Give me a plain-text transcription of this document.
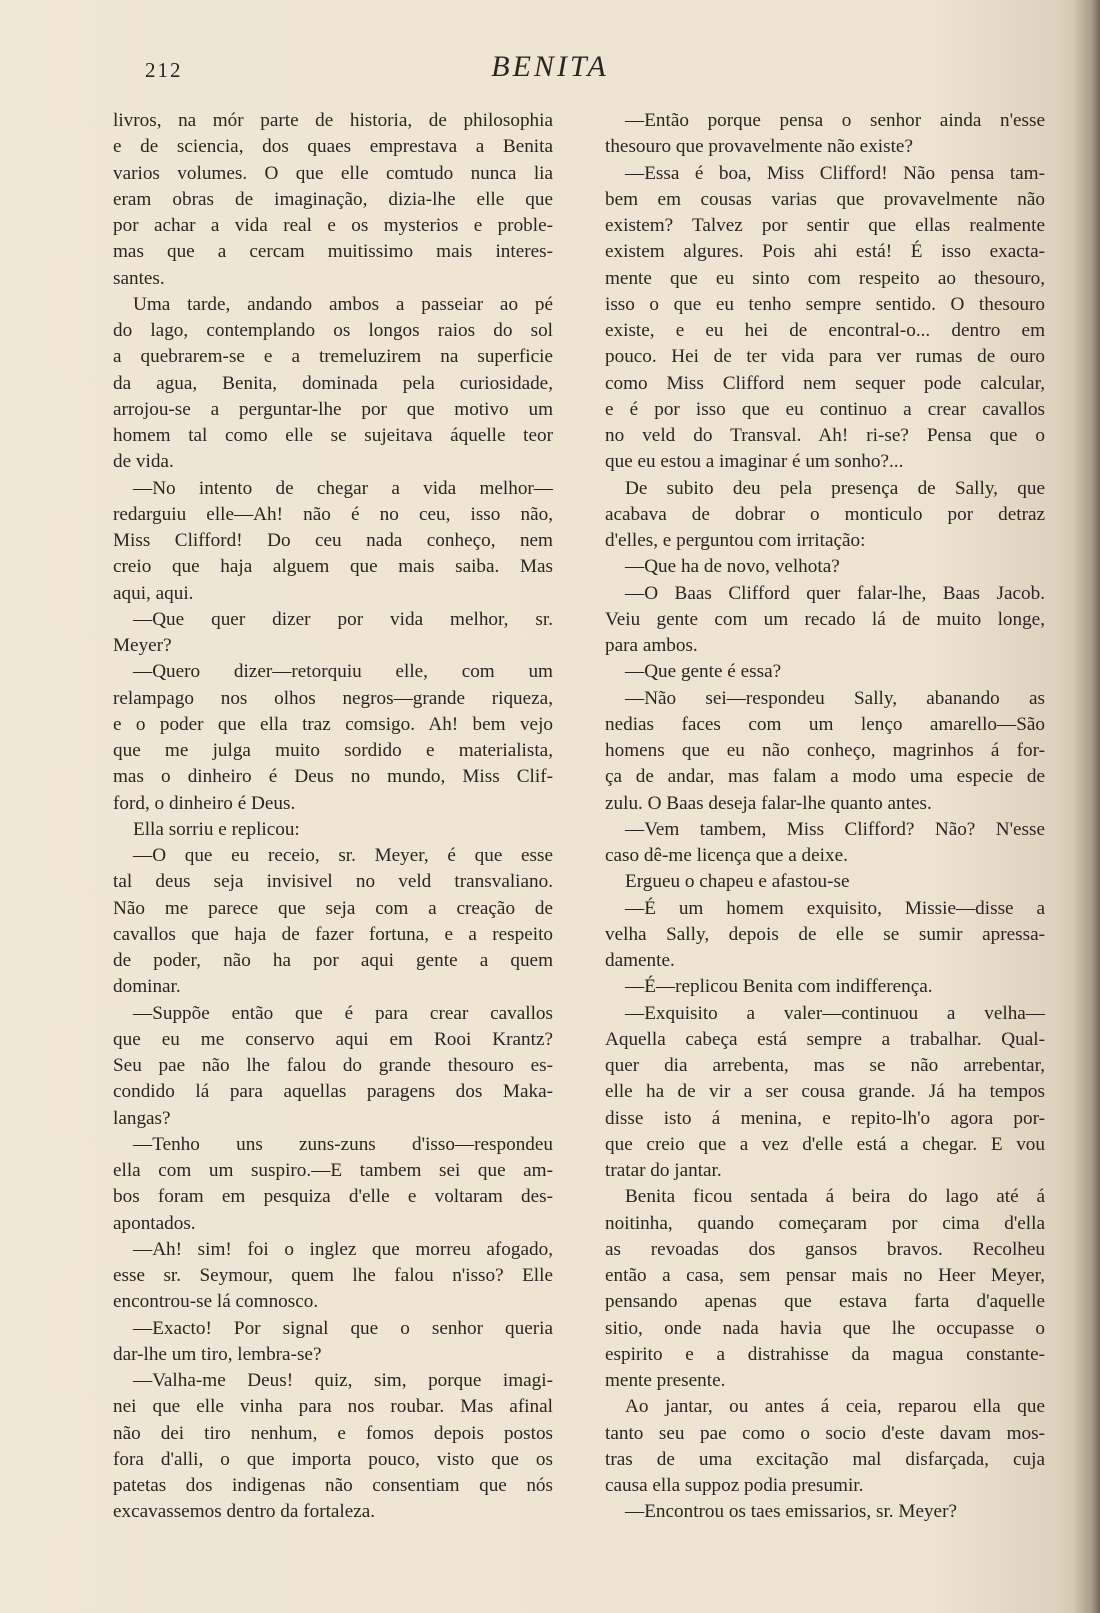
212	BENITA
livros, na mór parte de historia, de philosophia
e de sciencia, dos quaes emprestava a Benita
varios volumes. O que elle comtudo nunca lia
eram obras de imaginação, dizia-lhe elle que
por achar a vida real e os mysterios e proble-
mas que a cercam muitissimo mais interes-
santes.
Uma tarde, andando ambos a passeiar ao pé
do lago, contemplando os longos raios do sol
a quebrarem-se e a tremeluzirem na superficie
da agua, Benita, dominada pela curiosidade,
arrojou-se a perguntar-lhe por que motivo um
homem tal como elle se sujeitava áquelle teor
de vida.
—No intento de chegar a vida melhor—
redarguiu elle—Ah! não é no ceu, isso não,
Miss Clifford! Do ceu nada conheço, nem
creio que haja alguem que mais saiba. Mas
aqui, aqui.
—Que quer dizer por vida melhor, sr.
Meyer?
—Quero dizer—retorquiu elle, com um
relampago nos olhos negros—grande riqueza,
e o poder que ella traz comsigo. Ah! bem vejo
que me julga muito sordido e materialista,
mas o dinheiro é Deus no mundo, Miss Clif-
ford, o dinheiro é Deus.
Ella sorriu e replicou:
—O que eu receio, sr. Meyer, é que esse
tal deus seja invisivel no veld transvaliano.
Não me parece que seja com a creação de
cavallos que haja de fazer fortuna, e a respeito
de poder, não ha por aqui gente a quem
dominar.
—Suppõe então que é para crear cavallos
que eu me conservo aqui em Rooi Krantz?
Seu pae não lhe falou do grande thesouro es-
condido lá para aquellas paragens dos Maka-
langas?
—Tenho uns zuns-zuns d'isso—respondeu
ella com um suspiro.—E tambem sei que am-
bos foram em pesquiza d'elle e voltaram des-
apontados.
—Ah! sim! foi o inglez que morreu afogado,
esse sr. Seymour, quem lhe falou n'isso? Elle
encontrou-se lá comnosco.
—Exacto! Por signal que o senhor queria
dar-lhe um tiro, lembra-se?
—Valha-me Deus! quiz, sim, porque imagi-
nei que elle vinha para nos roubar. Mas afinal
não dei tiro nenhum, e fomos depois postos
fora d'alli, o que importa pouco, visto que os
patetas dos indigenas não consentiam que nós
excavassemos dentro da fortaleza.
—Então porque pensa o senhor ainda n'esse
thesouro que provavelmente não existe?
—Essa é boa, Miss Clifford! Não pensa tam-
bem em cousas varias que provavelmente não
existem? Talvez por sentir que ellas realmente
existem algures. Pois ahi está! É isso exacta-
mente que eu sinto com respeito ao thesouro,
isso o que eu tenho sempre sentido. O thesouro
existe, e eu hei de encontral-o... dentro em
pouco. Hei de ter vida para ver rumas de ouro
como Miss Clifford nem sequer pode calcular,
e é por isso que eu continuo a crear cavallos
no veld do Transval. Ah! ri-se? Pensa que o
que eu estou a imaginar é um sonho?...
De subito deu pela presença de Sally, que
acabava de dobrar o monticulo por detraz
d'elles, e perguntou com irritação:
—Que ha de novo, velhota?
—O Baas Clifford quer falar-lhe, Baas Jacob.
Veiu gente com um recado lá de muito longe,
para ambos.
—Que gente é essa?
—Não sei—respondeu Sally, abanando as
nedias faces com um lenço amarello—São
homens que eu não conheço, magrinhos á for-
ça de andar, mas falam a modo uma especie de
zulu. O Baas deseja falar-lhe quanto antes.
—Vem tambem, Miss Clifford? Não? N'esse
caso dê-me licença que a deixe.
Ergueu o chapeu e afastou-se
—É um homem exquisito, Missie—disse a
velha Sally, depois de elle se sumir apressa-
damente.
—É—replicou Benita com indifferença.
—Exquisito a valer—continuou a velha—
Aquella cabeça está sempre a trabalhar. Qual-
quer dia arrebenta, mas se não arrebentar,
elle ha de vir a ser cousa grande. Já ha tempos
disse isto á menina, e repito-lh'o agora por-
que creio que a vez d'elle está a chegar. E vou
tratar do jantar.
Benita ficou sentada á beira do lago até á
noitinha, quando começaram por cima d'ella
as revoadas dos gansos bravos. Recolheu
então a casa, sem pensar mais no Heer Meyer,
pensando apenas que estava farta d'aquelle
sitio, onde nada havia que lhe occupasse o
espirito e a distrahisse da magua constante-
mente presente.
Ao jantar, ou antes á ceia, reparou ella que
tanto seu pae como o socio d'este davam mos-
tras de uma excitação mal disfarçada, cuja
causa ella suppoz podia presumir.
—Encontrou os taes emissarios, sr. Meyer?
